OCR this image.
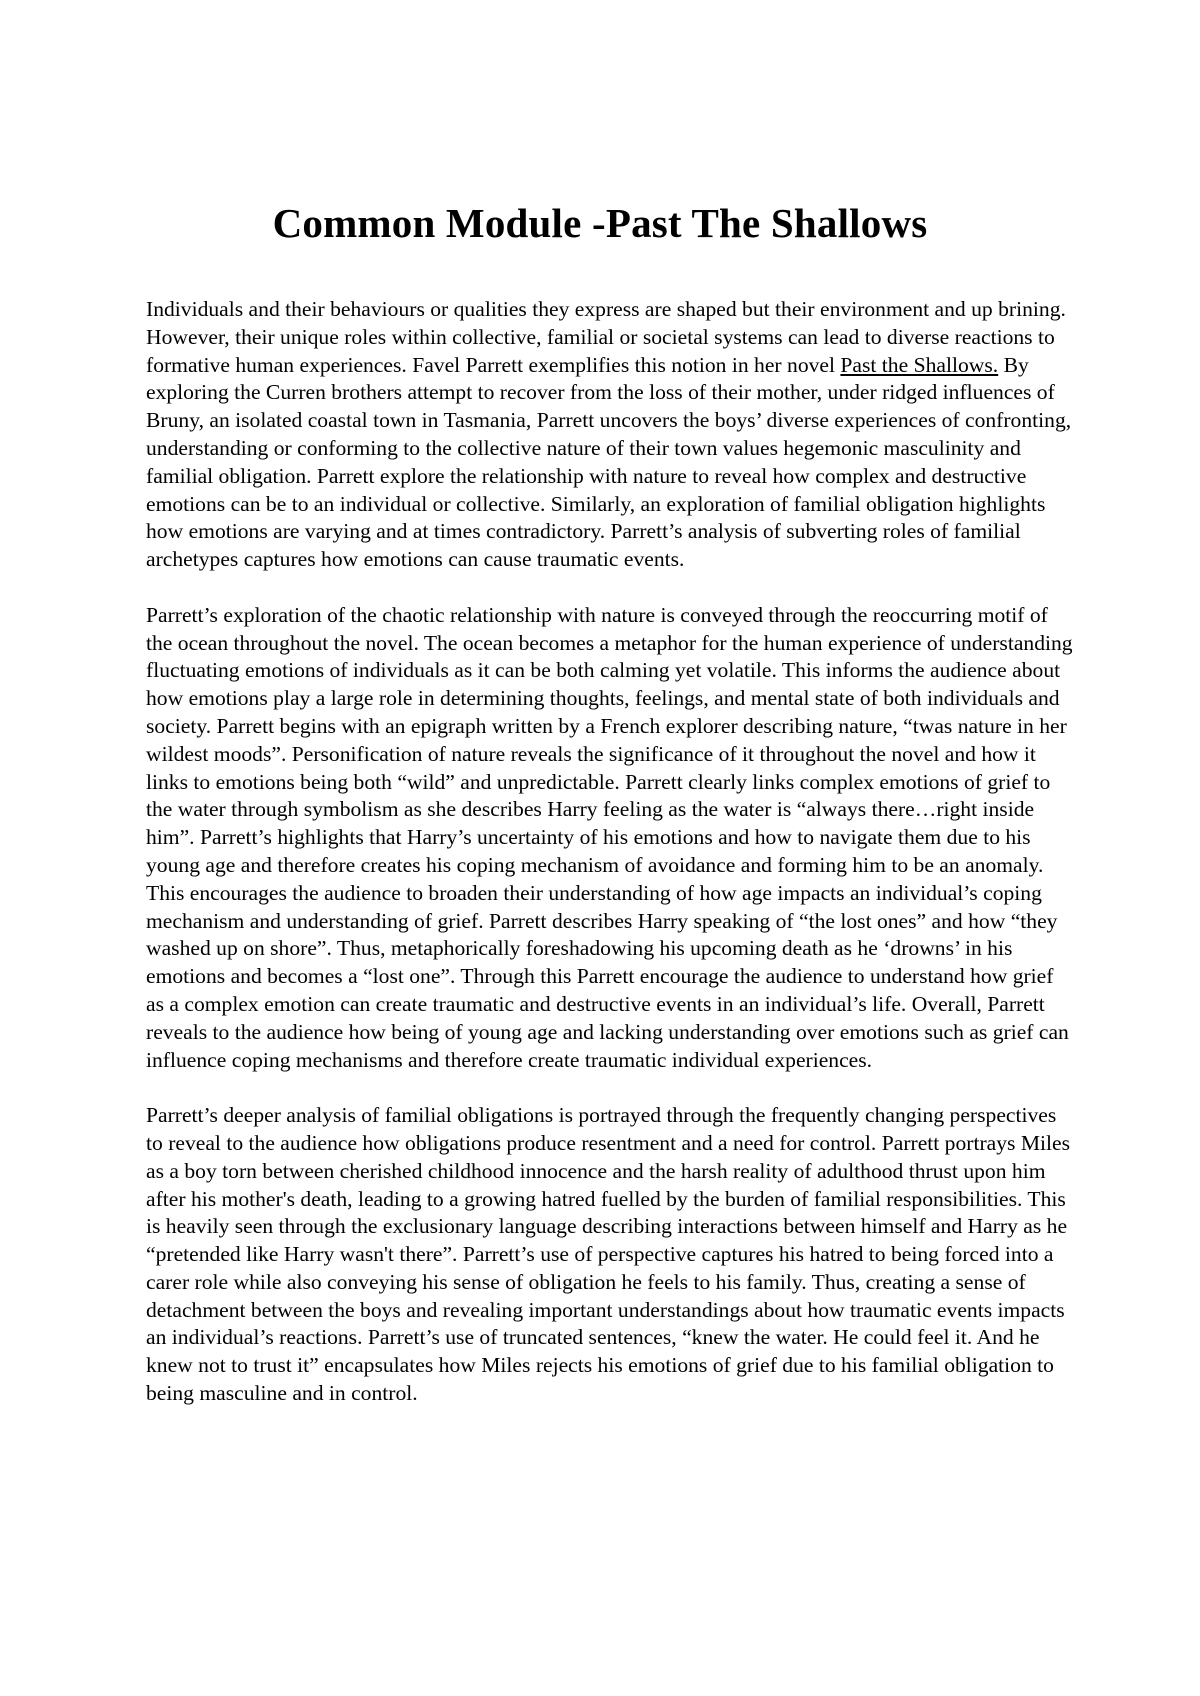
Common Module -Past The Shallows

Individuals and their behaviours or qualities they express are shaped but their environment and up brining. However, their unique roles within collective, familial or societal systems can lead to diverse reactions to formative human experiences. Favel Parrett exemplifies this notion in her novel Past the Shallows. By exploring the Curren brothers attempt to recover from the loss of their mother, under ridged influences of Bruny, an isolated coastal town in Tasmania, Parrett uncovers the boys’ diverse experiences of confronting, understanding or conforming to the collective nature of their town values hegemonic masculinity and familial obligation. Parrett explore the relationship with nature to reveal how complex and destructive emotions can be to an individual or collective. Similarly, an exploration of familial obligation highlights how emotions are varying and at times contradictory. Parrett’s analysis of subverting roles of familial archetypes captures how emotions can cause traumatic events.

Parrett’s exploration of the chaotic relationship with nature is conveyed through the reoccurring motif of the ocean throughout the novel. The ocean becomes a metaphor for the human experience of understanding fluctuating emotions of individuals as it can be both calming yet volatile. This informs the audience about how emotions play a large role in determining thoughts, feelings, and mental state of both individuals and society. Parrett begins with an epigraph written by a French explorer describing nature, “twas nature in her wildest moods”. Personification of nature reveals the significance of it throughout the novel and how it links to emotions being both “wild” and unpredictable. Parrett clearly links complex emotions of grief to the water through symbolism as she describes Harry feeling as the water is “always there…right inside him”. Parrett’s highlights that Harry’s uncertainty of his emotions and how to navigate them due to his young age and therefore creates his coping mechanism of avoidance and forming him to be an anomaly. This encourages the audience to broaden their understanding of how age impacts an individual’s coping mechanism and understanding of grief. Parrett describes Harry speaking of “the lost ones” and how “they washed up on shore”. Thus, metaphorically foreshadowing his upcoming death as he ‘drowns’ in his emotions and becomes a “lost one”. Through this Parrett encourage the audience to understand how grief as a complex emotion can create traumatic and destructive events in an individual’s life. Overall, Parrett reveals to the audience how being of young age and lacking understanding over emotions such as grief can influence coping mechanisms and therefore create traumatic individual experiences.

Parrett’s deeper analysis of familial obligations is portrayed through the frequently changing perspectives to reveal to the audience how obligations produce resentment and a need for control. Parrett portrays Miles as a boy torn between cherished childhood innocence and the harsh reality of adulthood thrust upon him after his mother's death, leading to a growing hatred fuelled by the burden of familial responsibilities. This is heavily seen through the exclusionary language describing interactions between himself and Harry as he “pretended like Harry wasn't there”. Parrett’s use of perspective captures his hatred to being forced into a carer role while also conveying his sense of obligation he feels to his family. Thus, creating a sense of detachment between the boys and revealing important understandings about how traumatic events impacts an individual’s reactions. Parrett’s use of truncated sentences, “knew the water. He could feel it. And he knew not to trust it” encapsulates how Miles rejects his emotions of grief due to his familial obligation to being masculine and in control.
